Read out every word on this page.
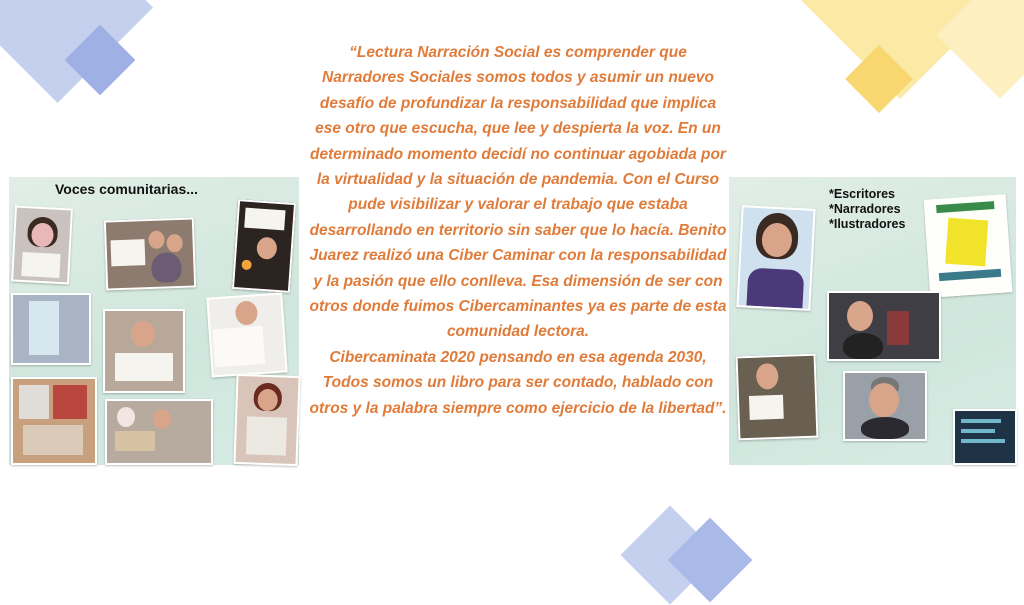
Voces comunitarias...	*Escritores
*Narradores
*Ilustradores
“Lectura Narración Social es comprender que Narradores Sociales somos todos y asumir un nuevo desafío de profundizar la responsabilidad que implica ese otro que escucha, que lee y despierta la voz. En un determinado momento decidí no continuar agobiada por la virtualidad y la situación de pandemia. Con el Curso pude visibilizar y valorar el trabajo que estaba desarrollando en territorio sin saber que lo hacía. Benito Juarez realizó una Ciber Caminar con la responsabilidad y la pasión que ello conlleva. Esa dimensión de ser con otros donde fuimos Cibercaminantes ya es parte de esta comunidad lectora.
Cibercaminata 2020 pensando en esa agenda 2030, Todos somos un libro para ser contado, hablado con otros y la palabra siempre como ejercicio de la libertad”.
